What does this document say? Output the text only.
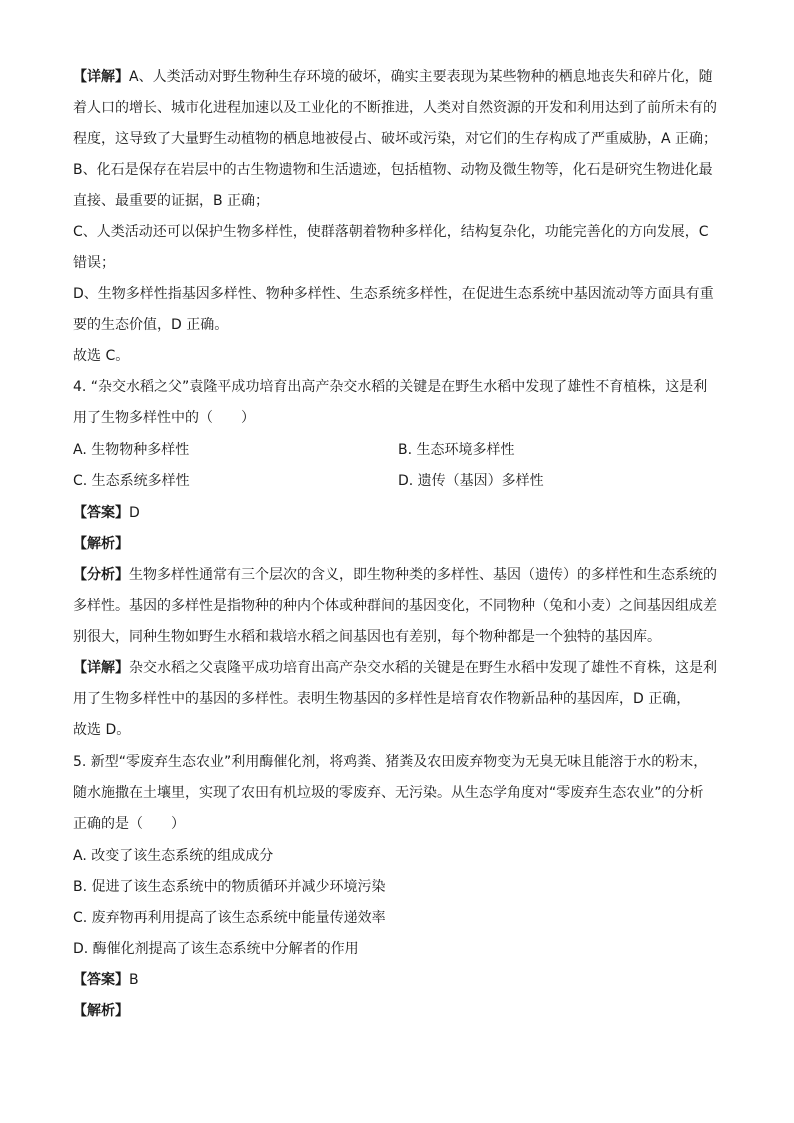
【详解】A、人类活动对野生物种生存环境的破坏，确实主要表现为某些物种的栖息地丧失和碎片化，随
着人口的增长、城市化进程加速以及工业化的不断推进，人类对自然资源的开发和利用达到了前所未有的
程度，这导致了大量野生动植物的栖息地被侵占、破坏或污染，对它们的生存构成了严重威胁，A 正确；
B、化石是保存在岩层中的古生物遗物和生活遗迹，包括植物、动物及微生物等，化石是研究生物进化最
直接、最重要的证据，B 正确；
C、人类活动还可以保护生物多样性，使群落朝着物种多样化，结构复杂化，功能完善化的方向发展，C
错误；
D、生物多样性指基因多样性、物种多样性、生态系统多样性，在促进生态系统中基因流动等方面具有重
要的生态价值，D 正确。
故选 C。
4. “杂交水稻之父”袁隆平成功培育出高产杂交水稻的关键是在野生水稻中发现了雄性不育植株，这是利
用了生物多样性中的（　　）
A. 生物物种多样性	B. 生态环境多样性
C. 生态系统多样性	D. 遗传（基因）多样性
【答案】D
【解析】
【分析】生物多样性通常有三个层次的含义，即生物种类的多样性、基因（遗传）的多样性和生态系统的
多样性。基因的多样性是指物种的种内个体或种群间的基因变化，不同物种（兔和小麦）之间基因组成差
别很大，同种生物如野生水稻和栽培水稻之间基因也有差别，每个物种都是一个独特的基因库。
【详解】杂交水稻之父袁隆平成功培育出高产杂交水稻的关键是在野生水稻中发现了雄性不育株，这是利
用了生物多样性中的基因的多样性。表明生物基因的多样性是培育农作物新品种的基因库，D 正确，
故选 D。
5. 新型“零废弃生态农业”利用酶催化剂，将鸡粪、猪粪及农田废弃物变为无臭无味且能溶于水的粉末，
随水施撒在土壤里，实现了农田有机垃圾的零废弃、无污染。从生态学角度对“零废弃生态农业”的分析
正确的是（　　）
A. 改变了该生态系统的组成成分
B. 促进了该生态系统中的物质循环并减少环境污染
C. 废弃物再利用提高了该生态系统中能量传递效率
D. 酶催化剂提高了该生态系统中分解者的作用
【答案】B
【解析】
